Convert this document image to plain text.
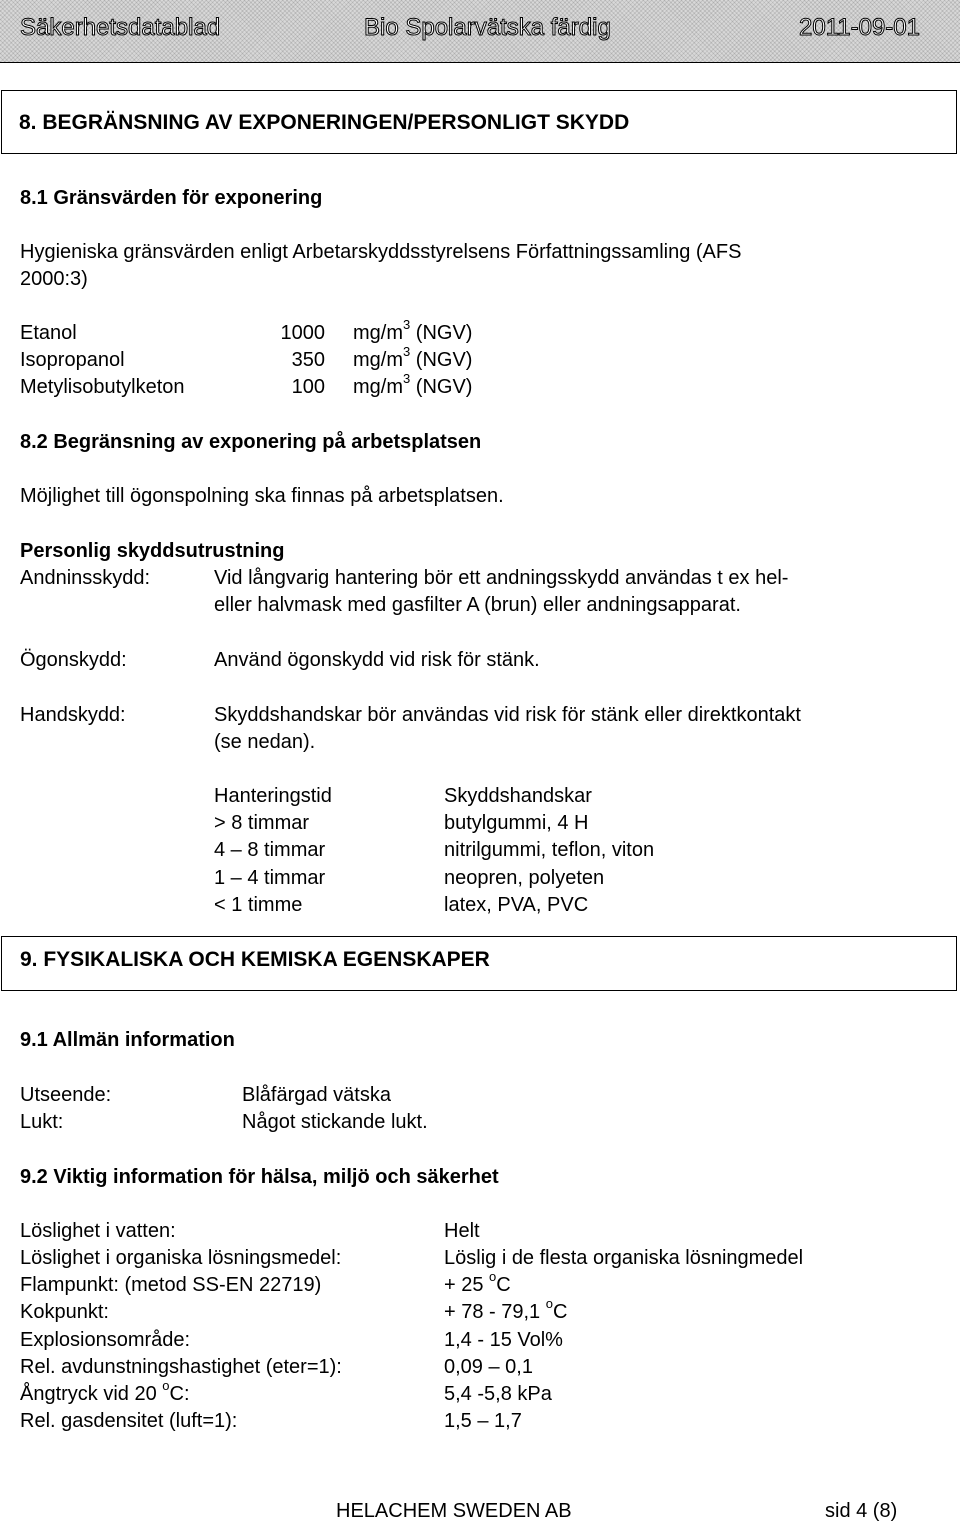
Säkerhetsdatablad	Bio Spolarvätska färdig	2011-09-01
8. BEGRÄNSNING AV EXPONERINGEN/PERSONLIGT SKYDD
8.1 Gränsvärden för exponering
Hygieniska gränsvärden enligt Arbetarskyddsstyrelsens Författningssamling (AFS
2000:3)
Etanol	1000 $mg/m^3$ (NGV)
Isopropanol	350 $mg/m^3$ (NGV)
Metylisobutylketon	100 $mg/m^3$ (NGV)
8.2 Begränsning av exponering på arbetsplatsen
Möjlighet till ögonspolning ska finnas på arbetsplatsen.
Personlig skyddsutrustning
Andninsskydd:	Vid långvarig hantering bör ett andningsskydd användas t ex hel-
eller halvmask med gasfilter A (brun) eller andningsapparat.
Ögonskydd:	Använd ögonskydd vid risk för stänk.
Handskydd:	Skyddshandskar bör användas vid risk för stänk eller direktkontakt
(se nedan).
Hanteringstid	Skyddshandskar
> 8 timmar	butylgummi, 4 H
4 – 8 timmar	nitrilgummi, teflon, viton
1 – 4 timmar	neopren, polyeten
< 1 timme	latex, PVA, PVC
9. FYSIKALISKA OCH KEMISKA EGENSKAPER
9.1 Allmän information
Utseende:	Blåfärgad vätska
Lukt:	Något stickande lukt.
9.2 Viktig information för hälsa, miljö och säkerhet
Löslighet i vatten:	Helt
Löslighet i organiska lösningsmedel:	Löslig i de flesta organiska lösningmedel
Flampunkt: (metod SS-EN 22719)	+ 25 $^o$C
Kokpunkt:	+ 78 - 79,1 $^o$C
Explosionsområde:	1,4 - 15 Vol%
Rel. avdunstningshastighet (eter=1):	0,09 – 0,1
Ångtryck vid 20 $^o$C:	5,4 -5,8 kPa
Rel. gasdensitet (luft=1):	1,5 – 1,7
HELACHEM SWEDEN AB	sid 4 (8)
